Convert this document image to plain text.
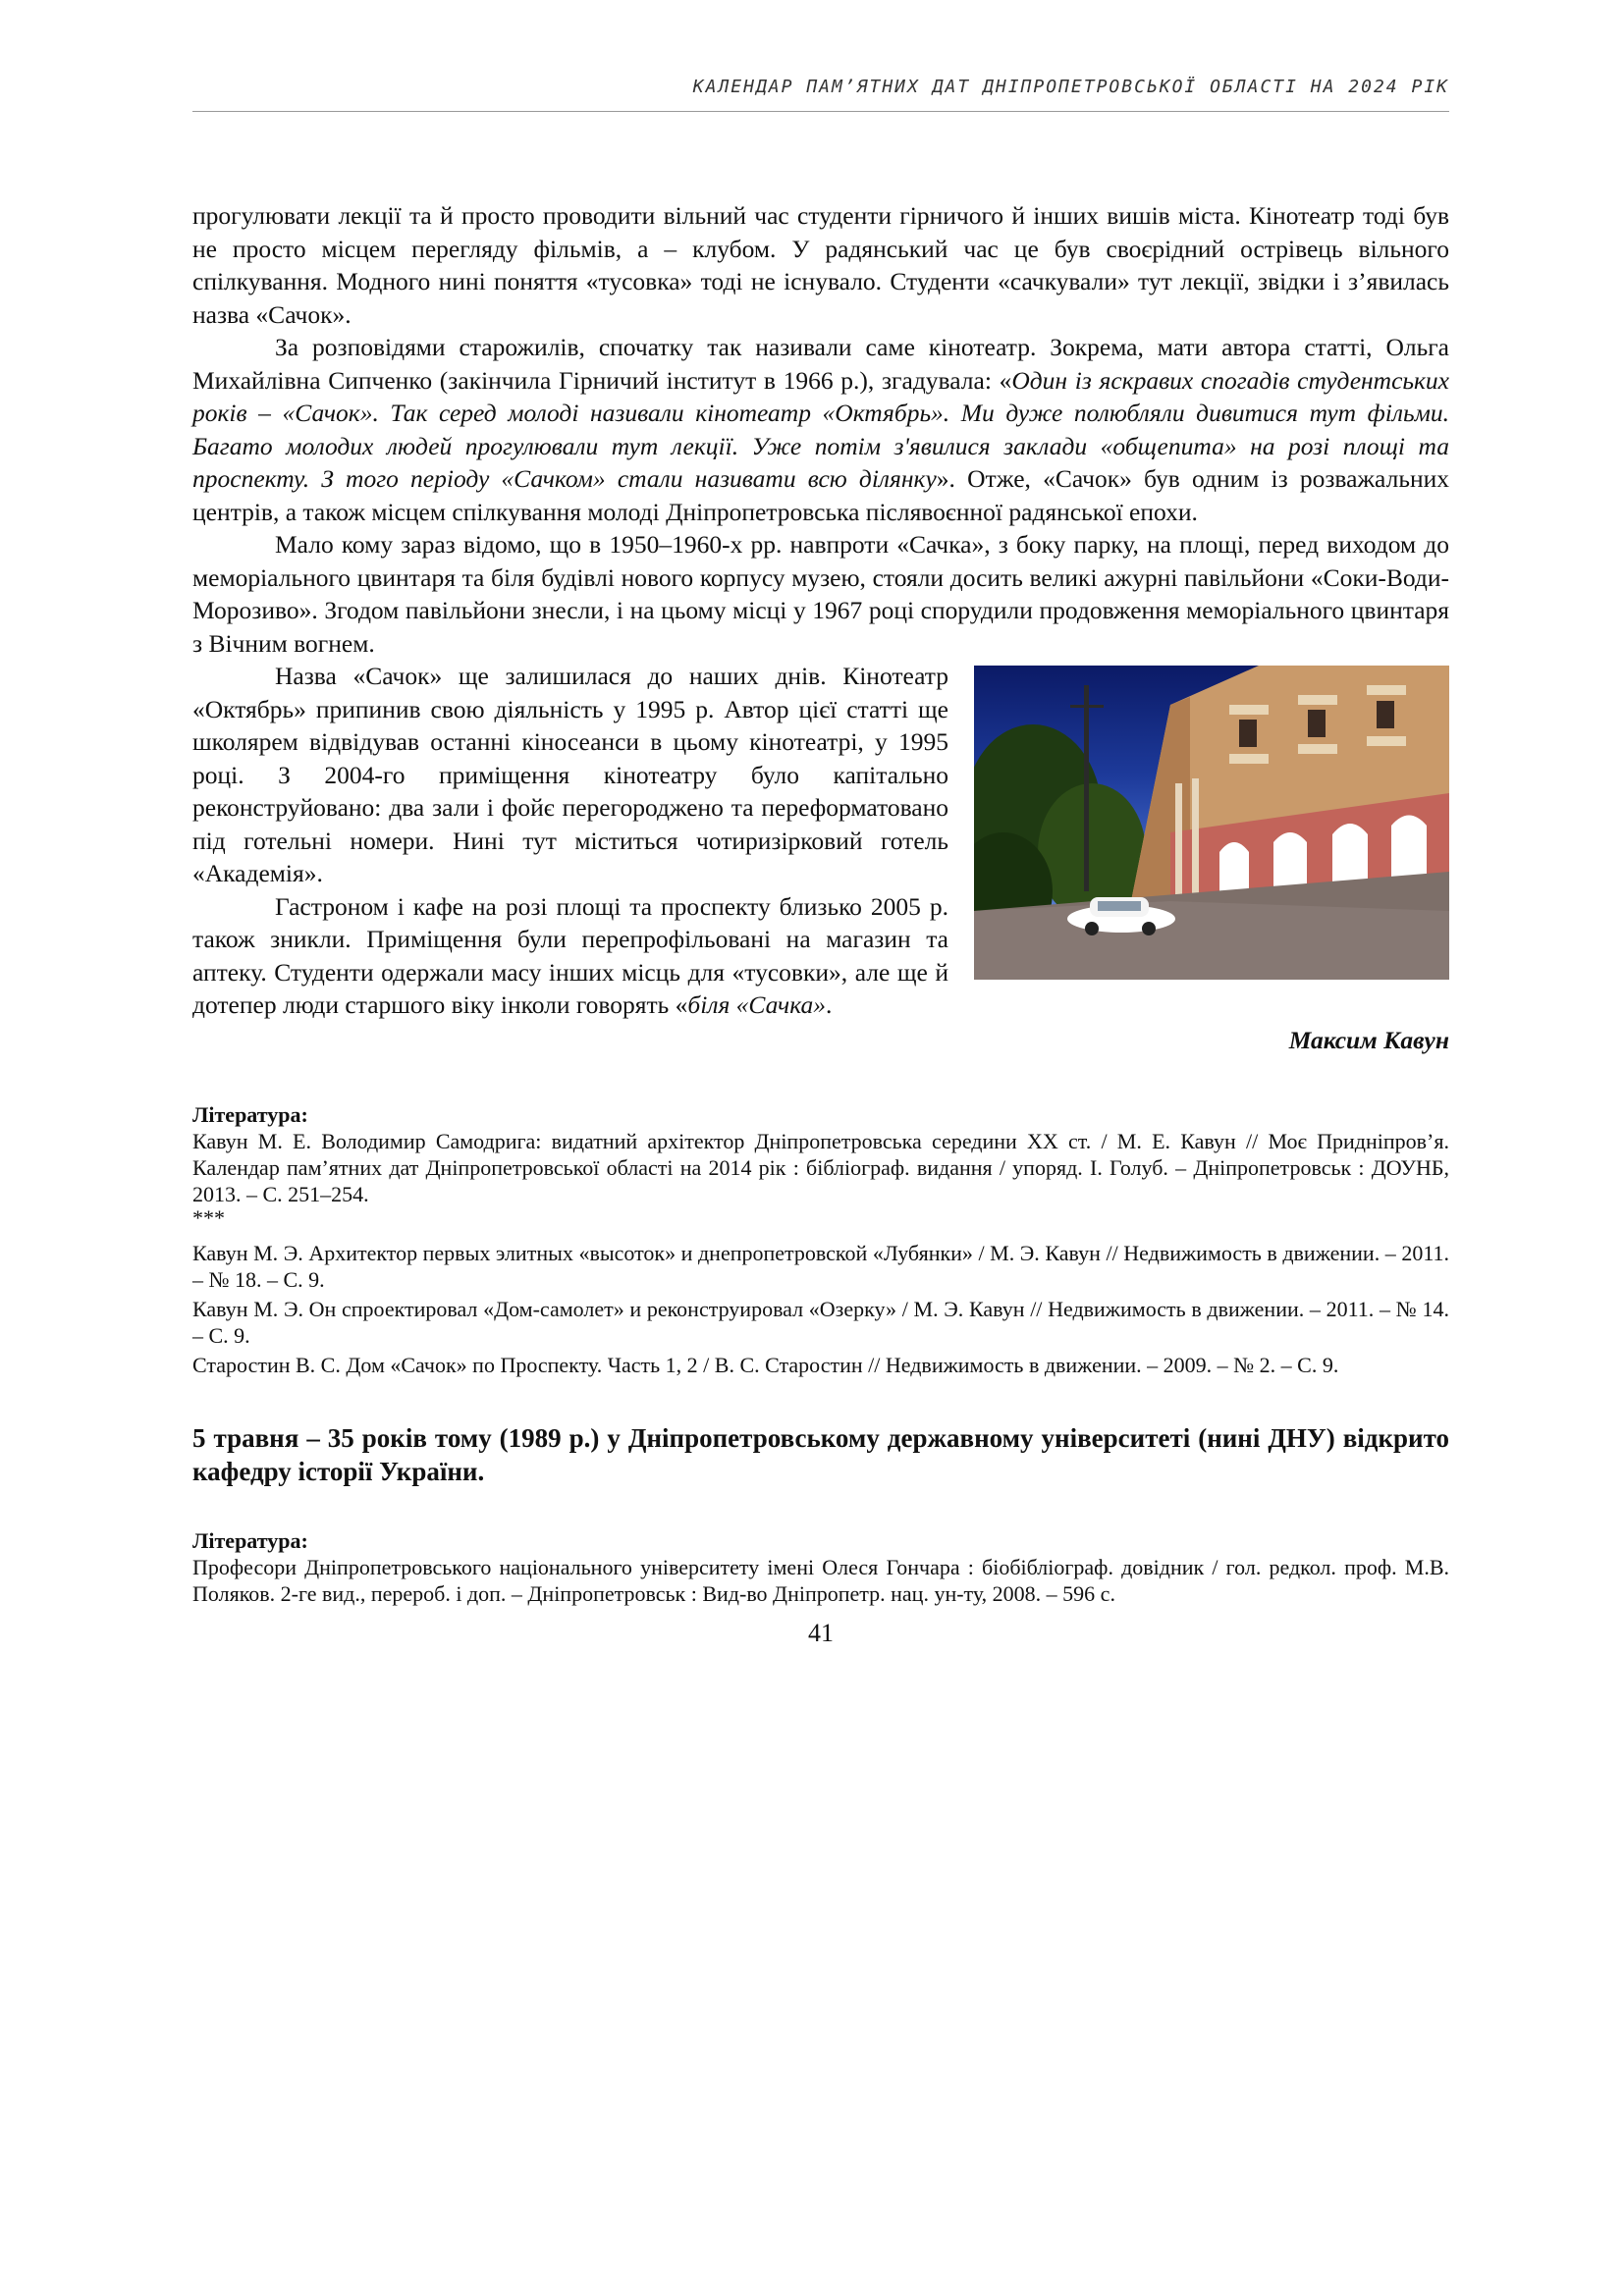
КАЛЕНДАР ПАМ’ЯТНИХ ДАТ ДНІПРОПЕТРОВСЬКОЇ ОБЛАСТІ НА 2024 РІК

прогулювати лекції та й просто проводити вільний час студенти гірничого й інших вишів міста. Кінотеатр тоді був не просто місцем перегляду фільмів, а – клубом. У радянський час це був своєрідний острівець вільного спілкування. Модного нині поняття «тусовка» тоді не існувало. Студенти «сачкували» тут лекції, звідки і з’явилась назва «Сачок».

За розповідями старожилів, спочатку так називали саме кінотеатр. Зокрема, мати автора статті, Ольга Михайлівна Сипченко (закінчила Гірничий інститут в 1966 р.), згадувала: «Один із яскравих спогадів студентських років – «Сачок». Так серед молоді називали кінотеатр «Октябрь». Ми дуже полюбляли дивитися тут фільми. Багато молодих людей прогулювали тут лекції. Уже потім з'явилися заклади «общепита» на розі площі та проспекту. З того періоду «Сачком» стали називати всю ділянку». Отже, «Сачок» був одним із розважальних центрів, а також місцем спілкування молоді Дніпропетровська післявоєнної радянської епохи.

Мало кому зараз відомо, що в 1950–1960-х рр. навпроти «Сачка», з боку парку, на площі, перед виходом до меморіального цвинтаря та біля будівлі нового корпусу музею, стояли досить великі ажурні павільйони «Соки-Води-Морозиво». Згодом павільйони знесли, і на цьому місці у 1967 році спорудили продовження меморіального цвинтаря з Вічним вогнем.

Назва «Сачок» ще залишилася до наших днів. Кінотеатр «Октябрь» припинив свою діяльність у 1995 р. Автор цієї статті ще школярем відвідував останні кіносеанси в цьому кінотеатрі, у 1995 році. З 2004-го приміщення кінотеатру було капітально реконструйовано: два зали і фойє перегороджено та переформатовано під готельні номери. Нині тут міститься чотиризірковий готель «Академія».

Гастроном і кафе на розі площі та проспекту близько 2005 р. також зникли. Приміщення були перепрофільовані на магазин та аптеку. Студенти одержали масу інших місць для «тусовки», але ще й дотепер люди старшого віку інколи говорять «біля «Сачка».

Максим Кавун
Література:
Кавун М. Е. Володимир Самодрига: видатний архітектор Дніпропетровська середини ХХ ст. / М. Е. Кавун // Моє Придніпров’я. Календар пам’ятних дат Дніпропетровської області на 2014 рік : бібліограф. видання / упоряд. І. Голуб. – Дніпропетровськ : ДОУНБ, 2013. – С. 251–254.
***
Кавун М. Э. Архитектор первых элитных «высоток» и днепропетровской «Лубянки» / М. Э. Кавун // Недвижимость в движении. – 2011. – № 18. – С. 9.
Кавун М. Э. Он спроектировал «Дом-самолет» и реконструировал «Озерку» / М. Э. Кавун // Недвижимость в движении. – 2011. – № 14. – С. 9.
Старостин В. С. Дом «Сачок» по Проспекту. Часть 1, 2 / В. С. Старостин // Недвижимость в движении. – 2009. – № 2. – С. 9.
5 травня – 35 років тому (1989 р.) у Дніпропетровському державному університеті (нині ДНУ) відкрито кафедру історії України.
Література:
Професори Дніпропетровського національного університету імені Олеся Гончара : біобібліограф. довідник / гол. редкол. проф. М.В. Поляков. 2-ге вид., перероб. і доп. – Дніпропетровськ : Вид-во Дніпропетр. нац. ун-ту, 2008. – 596 с.
41
